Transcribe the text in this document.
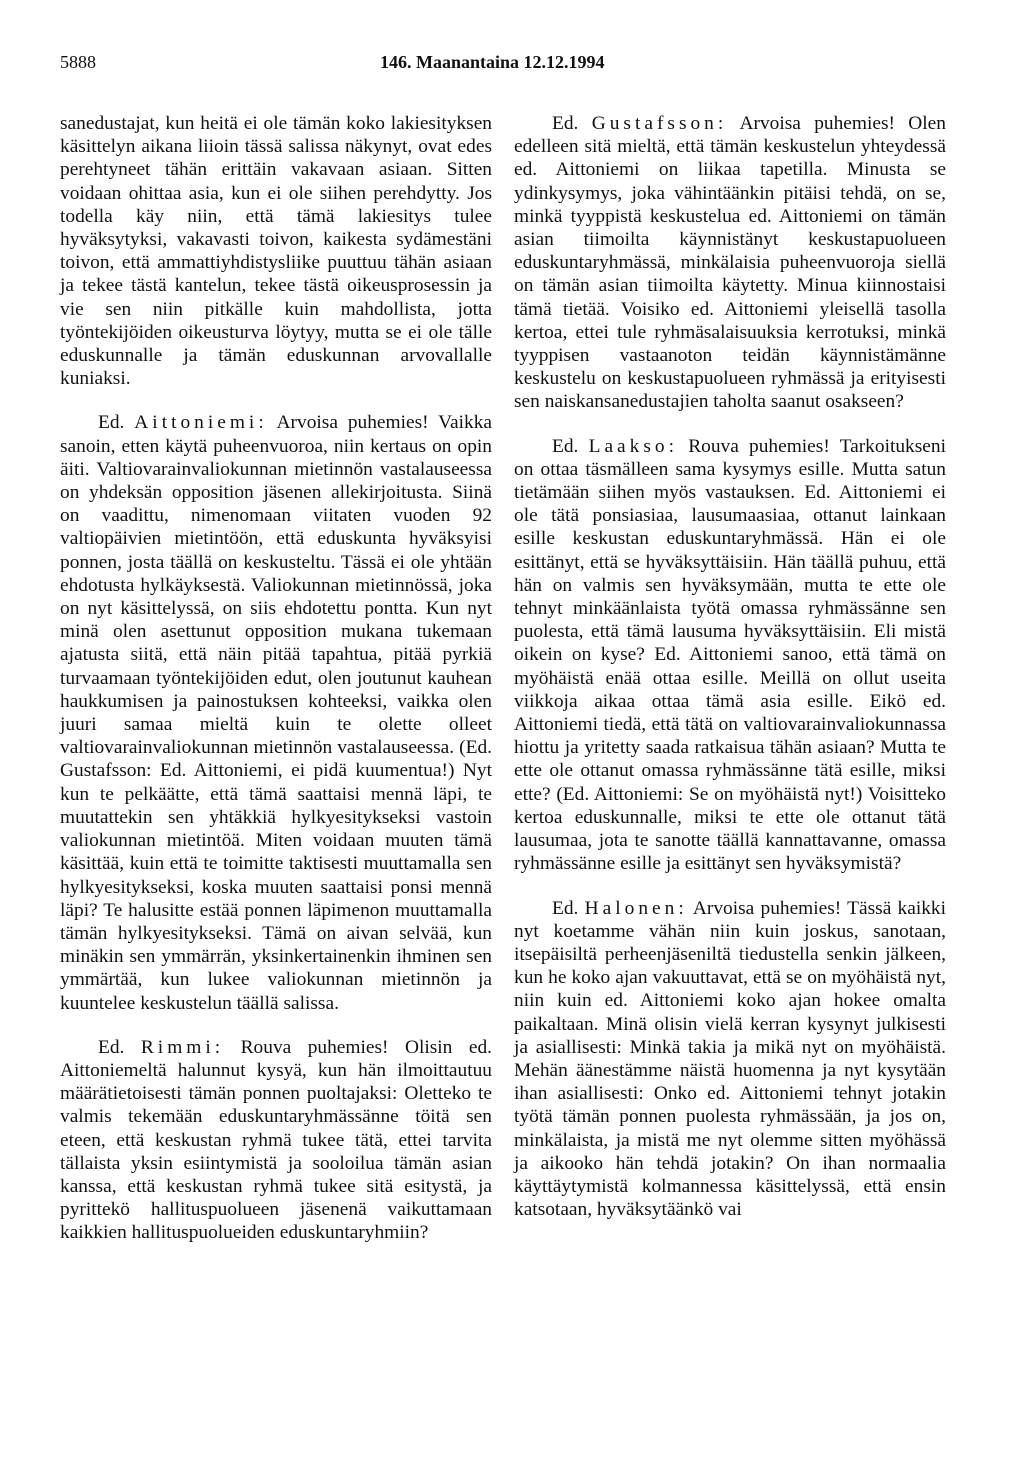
5888	146. Maanantaina 12.12.1994

sanedustajat, kun heitä ei ole tämän koko lakiesityksen käsittelyn aikana liioin tässä salissa näkynyt, ovat edes perehtyneet tähän erittäin vakavaan asiaan. Sitten voidaan ohittaa asia, kun ei ole siihen perehdytty. Jos todella käy niin, että tämä lakiesitys tulee hyväksytyksi, vakavasti toivon, kaikesta sydämestäni toivon, että ammattiyhdistysliike puuttuu tähän asiaan ja tekee tästä kantelun, tekee tästä oikeusprosessin ja vie sen niin pitkälle kuin mahdollista, jotta työntekijöiden oikeusturva löytyy, mutta se ei ole tälle eduskunnalle ja tämän eduskunnan arvovallalle kuniaksi.

Ed. Aittoniemi: Arvoisa puhemies! Vaikka sanoin, etten käytä puheenvuoroa, niin kertaus on opin äiti. Valtiovarainvaliokunnan mietinnön vastalauseessa on yhdeksän opposition jäsenen allekirjoitusta. Siinä on vaadittu, nimenomaan viitaten vuoden 92 valtiopäivien mietintöön, että eduskunta hyväksyisi ponnen, josta täällä on keskusteltu. Tässä ei ole yhtään ehdotusta hylkäyksestä. Valiokunnan mietinnössä, joka on nyt käsittelyssä, on siis ehdotettu pontta. Kun nyt minä olen asettunut opposition mukana tukemaan ajatusta siitä, että näin pitää tapahtua, pitää pyrkiä turvaamaan työntekijöiden edut, olen joutunut kauhean haukkumisen ja painostuksen kohteeksi, vaikka olen juuri samaa mieltä kuin te olette olleet valtiovarainvaliokunnan mietinnön vastalauseessa. (Ed. Gustafsson: Ed. Aittoniemi, ei pidä kuumentua!) Nyt kun te pelkäätte, että tämä saattaisi mennä läpi, te muutattekin sen yhtäkkiä hylkyesitykseksi vastoin valiokunnan mietintöä. Miten voidaan muuten tämä käsittää, kuin että te toimitte taktisesti muuttamalla sen hylkyesitykseksi, koska muuten saattaisi ponsi mennä läpi? Te halusitte estää ponnen läpimenon muuttamalla tämän hylkyesitykseksi. Tämä on aivan selvää, kun minäkin sen ymmärrän, yksinkertainenkin ihminen sen ymmärtää, kun lukee valiokunnan mietinnön ja kuuntelee keskustelun täällä salissa.

Ed. Rimmi: Rouva puhemies! Olisin ed. Aittoniemeltä halunnut kysyä, kun hän ilmoittautuu määrätietoisesti tämän ponnen puoltajaksi: Oletteko te valmis tekemään eduskuntaryhmässänne töitä sen eteen, että keskustan ryhmä tukee tätä, ettei tarvita tällaista yksin esiintymistä ja sooloilua tämän asian kanssa, että keskustan ryhmä tukee sitä esitystä, ja pyrittekö hallituspuolueen jäsenenä vaikuttamaan kaikkien hallituspuolueiden eduskuntaryhmiin?

Ed. Gustafsson: Arvoisa puhemies! Olen edelleen sitä mieltä, että tämän keskustelun yhteydessä ed. Aittoniemi on liikaa tapetilla. Minusta se ydinkysymys, joka vähintäänkin pitäisi tehdä, on se, minkä tyyppistä keskustelua ed. Aittoniemi on tämän asian tiimoilta käynnistänyt keskustapuolueen eduskuntaryhmässä, minkälaisia puheenvuoroja siellä on tämän asian tiimoilta käytetty. Minua kiinnostaisi tämä tietää. Voisiko ed. Aittoniemi yleisellä tasolla kertoa, ettei tule ryhmäsalaisuuksia kerrotuksi, minkä tyyppisen vastaanoton teidän käynnistämänne keskustelu on keskustapuolueen ryhmässä ja erityisesti sen naiskansanedustajien taholta saanut osakseen?

Ed. Laakso: Rouva puhemies! Tarkoitukseni on ottaa täsmälleen sama kysymys esille. Mutta satun tietämään siihen myös vastauksen. Ed. Aittoniemi ei ole tätä ponsiasiaa, lausumaasiaa, ottanut lainkaan esille keskustan eduskuntaryhmässä. Hän ei ole esittänyt, että se hyväksyttäisiin. Hän täällä puhuu, että hän on valmis sen hyväksymään, mutta te ette ole tehnyt minkäänlaista työtä omassa ryhmässänne sen puolesta, että tämä lausuma hyväksyttäisiin. Eli mistä oikein on kyse? Ed. Aittoniemi sanoo, että tämä on myöhäistä enää ottaa esille. Meillä on ollut useita viikkoja aikaa ottaa tämä asia esille. Eikö ed. Aittoniemi tiedä, että tätä on valtiovarainvaliokunnassa hiottu ja yritetty saada ratkaisua tähän asiaan? Mutta te ette ole ottanut omassa ryhmässänne tätä esille, miksi ette? (Ed. Aittoniemi: Se on myöhäistä nyt!) Voisitteko kertoa eduskunnalle, miksi te ette ole ottanut tätä lausumaa, jota te sanotte täällä kannattavanne, omassa ryhmässänne esille ja esittänyt sen hyväksymistä?

Ed. Halonen: Arvoisa puhemies! Tässä kaikki nyt koetamme vähän niin kuin joskus, sanotaan, itsepäisiltä perheenjäseniltä tiedustella senkin jälkeen, kun he koko ajan vakuuttavat, että se on myöhäistä nyt, niin kuin ed. Aittoniemi koko ajan hokee omalta paikaltaan. Minä olisin vielä kerran kysynyt julkisesti ja asiallisesti: Minkä takia ja mikä nyt on myöhäistä. Mehän äänestämme näistä huomenna ja nyt kysytään ihan asiallisesti: Onko ed. Aittoniemi tehnyt jotakin työtä tämän ponnen puolesta ryhmässään, ja jos on, minkälaista, ja mistä me nyt olemme sitten myöhässä ja aikooko hän tehdä jotakin? On ihan normaalia käyttäytymistä kolmannessa käsittelyssä, että ensin katsotaan, hyväksytäänkö vai
